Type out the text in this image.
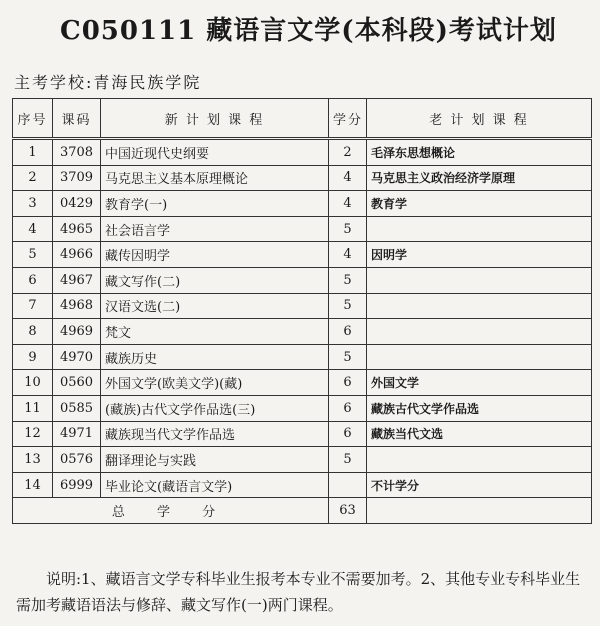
C050111 藏语言文学(本科段)考试计划
主考学校:青海民族学院
序号	课码	新 计 划 课 程	学分	老 计 划 课 程
1	3708	中国近现代史纲要	2	毛泽东思想概论
2	3709	马克思主义基本原理概论	4	马克思主义政治经济学原理
3	0429	教育学(一)	4	教育学
4	4965	社会语言学	5	
5	4966	藏传因明学	4	因明学
6	4967	藏文写作(二)	5	
7	4968	汉语文选(二)	5	
8	4969	梵文	6	
9	4970	藏族历史	5	
10	0560	外国文学(欧美文学)(藏)	6	外国文学
11	0585	(藏族)古代文学作品选(三)	6	藏族古代文学作品选
12	4971	藏族现当代文学作品选	6	藏族当代文选
13	0576	翻译理论与实践	5	
14	6999	毕业论文(藏语言文学)		不计学分
总 学 分			63	
说明:1、藏语言文学专科毕业生报考本专业不需要加考。2、其他专业专科毕业生需加考藏语语法与修辞、藏文写作(一)两门课程。
